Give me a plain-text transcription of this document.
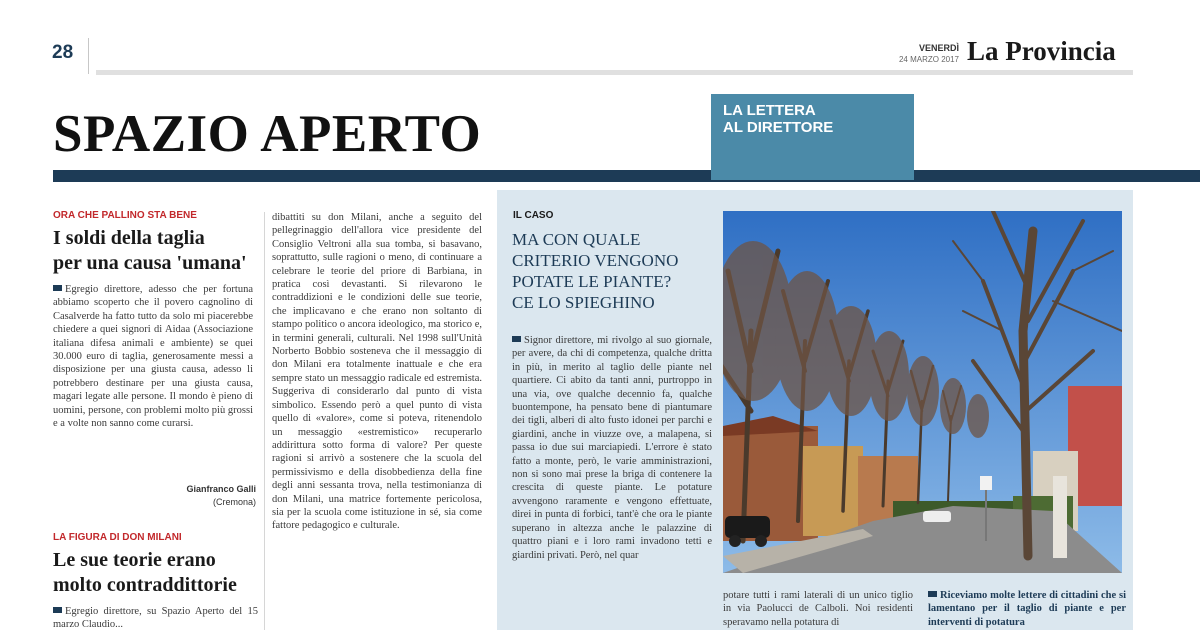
28	VENERDÌ
24 MARZO 2017 La Provincia
SPAZIO APERTO	LA LETTERA
AL DIRETTORE
ORA CHE PALLINO STA BENE
I soldi della taglia
per una causa 'umana'
Egregio direttore, adesso che per fortuna abbiamo scoperto che il povero cagnolino di Casalverde ha fatto tutto da solo mi piacerebbe chiedere a quei signori di Aidaa (Associazione italiana difesa animali e ambiente) se quei 30.000 euro di taglia, generosamente messi a disposizione per una giusta causa, adesso li potrebbero destinare per una giusta causa, magari legate alle persone. Il mondo è pieno di uomini, persone, con problemi molto più grossi e a volte non sanno come curarsi.
Gianfranco Galli
(Cremona)
LA FIGURA DI DON MILANI
Le sue teorie erano
molto contraddittorie
Egregio direttore, su Spazio Aperto del 15 marzo Claudio...
dibattiti su don Milani, anche a seguito del pellegrinaggio dell'allora vice presidente del Consiglio Veltroni alla sua tomba, si basavano, soprattutto, sulle ragioni o meno, di continuare a celebrare le teorie del priore di Barbiana, in pratica così devastanti. Si rilevarono le contraddizioni e le condizioni delle sue teorie, che implicavano e che erano non soltanto di stampo politico o ancora ideologico, ma storico e, in termini generali, culturali. Nel 1998 sull'Unità Norberto Bobbio sosteneva che il messaggio di don Milani era totalmente inattuale e che era sempre stato un messaggio radicale ed estremista. Suggeriva di considerarlo dal punto di vista simbolico. Essendo però a quel punto di vista quello di «valore», come si poteva, ritenendolo un messaggio «estremistico» recuperarlo addirittura sotto forma di valore? Per queste ragioni si arrivò a sostenere che la scuola del permissivismo e della disobbedienza della fine degli anni sessanta trova, nella testimonianza di don Milani, una matrice fortemente pericolosa, sia per la scuola come istituzione in sé, sia come fattore pedagogico e culturale.
IL CASO
MA CON QUALE
CRITERIO VENGONO
POTATE LE PIANTE?
CE LO SPIEGHINO
Signor direttore, mi rivolgo al suo giornale, per avere, da chi di competenza, qualche dritta in più, in merito al taglio delle piante nel quartiere. Ci abito da tanti anni, purtroppo in una via, ove qualche decennio fa, qualche buontempone, ha pensato bene di piantumare dei tigli, alberi di alto fusto idonei per parchi e giardini, anche in viuzze ove, a malapena, si passa io due sui marciapiedi. L'errore è stato fatto a monte, però, le varie amministrazioni, non si sono mai prese la briga di contenere la crescita di queste piante. Le potature avvengono raramente e vengono effettuate, direi in punta di forbici, tant'è che ora le piante superano in altezza anche le palazzine di quattro piani e i loro rami invadono tetti e giardini privati. Però, nel quar
potare tutti i rami laterali di un unico tiglio in via Paolucci de Calboli. Noi residenti speravamo nella potatura di
Riceviamo molte lettere di cittadini che si lamentano per il taglio di piante e per interventi di potatura
